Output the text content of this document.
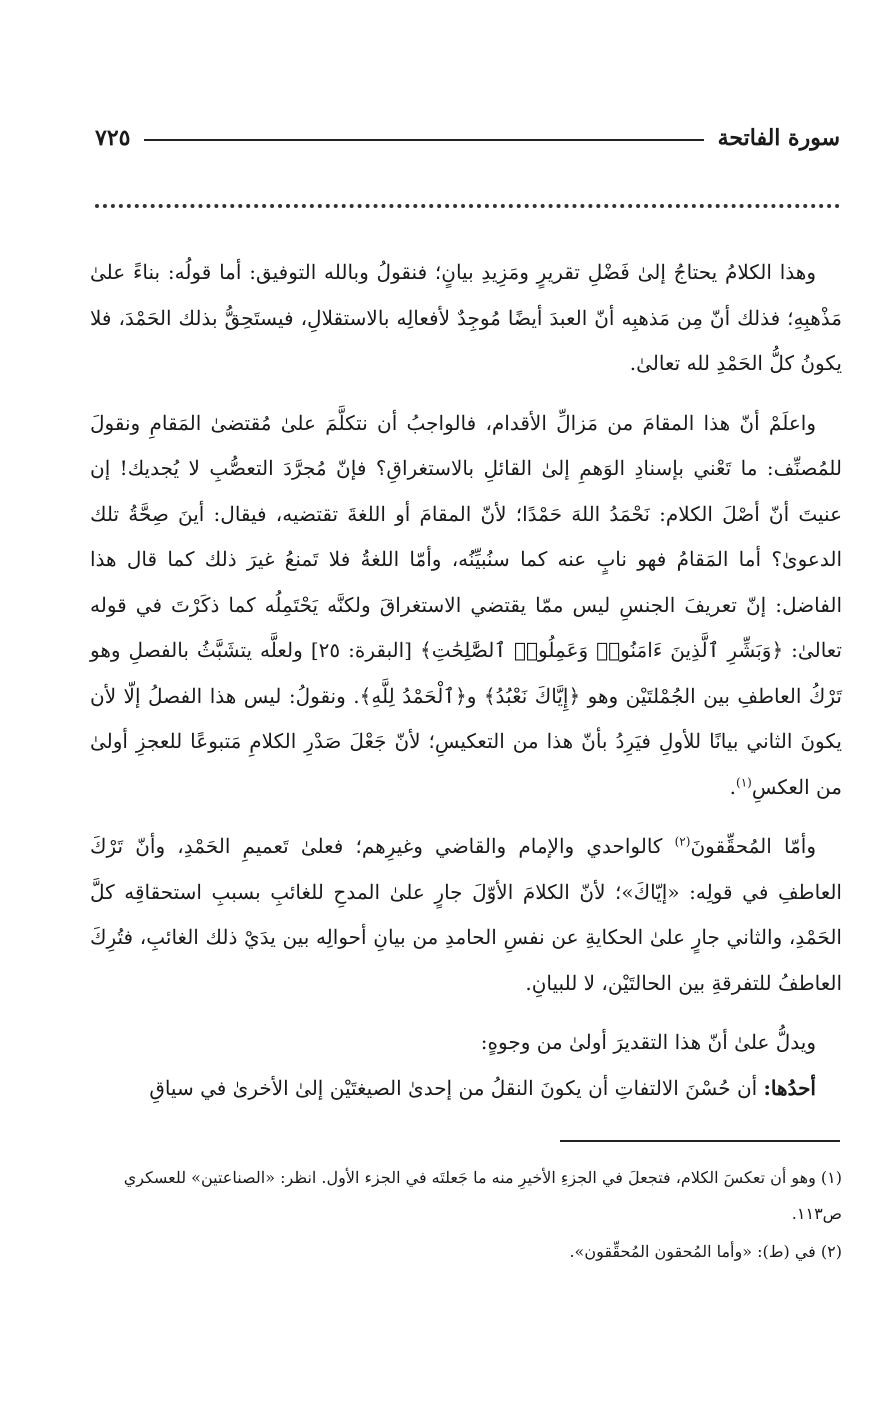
سورة الفاتحة
٧٢٥

وهذا الكلامُ يحتاجُ إلىٰ فَضْلِ تقريرٍ ومَزِيدِ بيانٍ؛ فنقولُ وبالله التوفيق: أما قولُه: بناءً علىٰ مَذْهبِهِ؛ فذلك أنّ مِن مَذهبِه أنّ العبدَ أيضًا مُوجِدٌ لأفعالِه بالاستقلالِ، فيستَحِقُّ بذلك الحَمْدَ، فلا يكونُ كلُّ الحَمْدِ لله تعالىٰ.

واعلَمْ أنّ هذا المقامَ من مَزالِّ الأقدام، فالواجبُ أن نتكلَّمَ علىٰ مُقتضىٰ المَقامِ ونقولَ للمُصنِّف: ما تَعْني بإسنادِ الوَهمِ إلىٰ القائلِ بالاستغراقِ؟ فإنّ مُجرَّدَ التعصُّبِ لا يُجديك! إن عنيتَ أنّ أصْلَ الكلام: نَحْمَدُ اللهَ حَمْدًا؛ لأنّ المقامَ أو اللغةَ تقتضيه، فيقال: أينَ صِحَّةُ تلك الدعوىٰ؟ أما المَقامُ فهو نابٍ عنه كما سنُبيِّنُه، وأمّا اللغةُ فلا تَمنعُ غيرَ ذلك كما قال هذا الفاضل: إنّ تعريفَ الجنسِ ليس ممّا يقتضي الاستغراقَ ولكنَّه يَحْتَمِلُه كما ذكَرْتَ في قوله تعالىٰ: ﴿وَبَشِّرِ ٱلَّذِينَ ءَامَنُوا۟ وَعَمِلُوا۟ ٱلصَّٰلِحَٰتِ﴾ [البقرة: ٢٥] ولعلَّه يتشَبَّثُ بالفصلِ وهو تَرْكُ العاطفِ بين الجُمْلتَيْن وهو ﴿إِيَّاكَ نَعْبُدُ﴾ و﴿ٱلْحَمْدُ لِلَّهِ﴾. ونقولُ: ليس هذا الفصلُ إلّا لأن يكونَ الثاني بيانًا للأولِ فيَرِدُ بأنّ هذا من التعكيسِ؛ لأنّ جَعْلَ صَدْرِ الكلامِ مَتبوعًا للعجزِ أولىٰ من العكسِ$^{(١)}$.

وأمّا المُحقِّقونَ$^{(٢)}$ كالواحدي والإمام والقاضي وغيرِهم؛ فعلىٰ تَعميمِ الحَمْدِ، وأنّ تَرْكَ العاطفِ في قولِه: «إيّاكَ»؛ لأنّ الكلامَ الأوّلَ جارٍ علىٰ المدحِ للغائبِ بسببِ استحقاقِه كلَّ الحَمْدِ، والثاني جارٍ علىٰ الحكايةِ عن نفسِ الحامدِ من بيانِ أحوالِه بين يدَيْ ذلك الغائبِ، فتُرِكَ العاطفُ للتفرقةِ بين الحالتَيْن، لا للبيانِ.

ويدلُّ علىٰ أنّ هذا التقديرَ أولىٰ من وجوهٍ:

أحدُها: أن حُسْنَ الالتفاتِ أن يكونَ النقلُ من إحدىٰ الصيغتَيْن إلىٰ الأخرىٰ في سياقِ

(١) وهو أن تعكسَ الكلام، فتجعلَ في الجزءِ الأخيرِ منه ما جَعلتَه في الجزء الأول. انظر: «الصناعتين» للعسكري ص١١٣.

(٢) في (ط): «وأما المُحقون المُحقِّقون».
